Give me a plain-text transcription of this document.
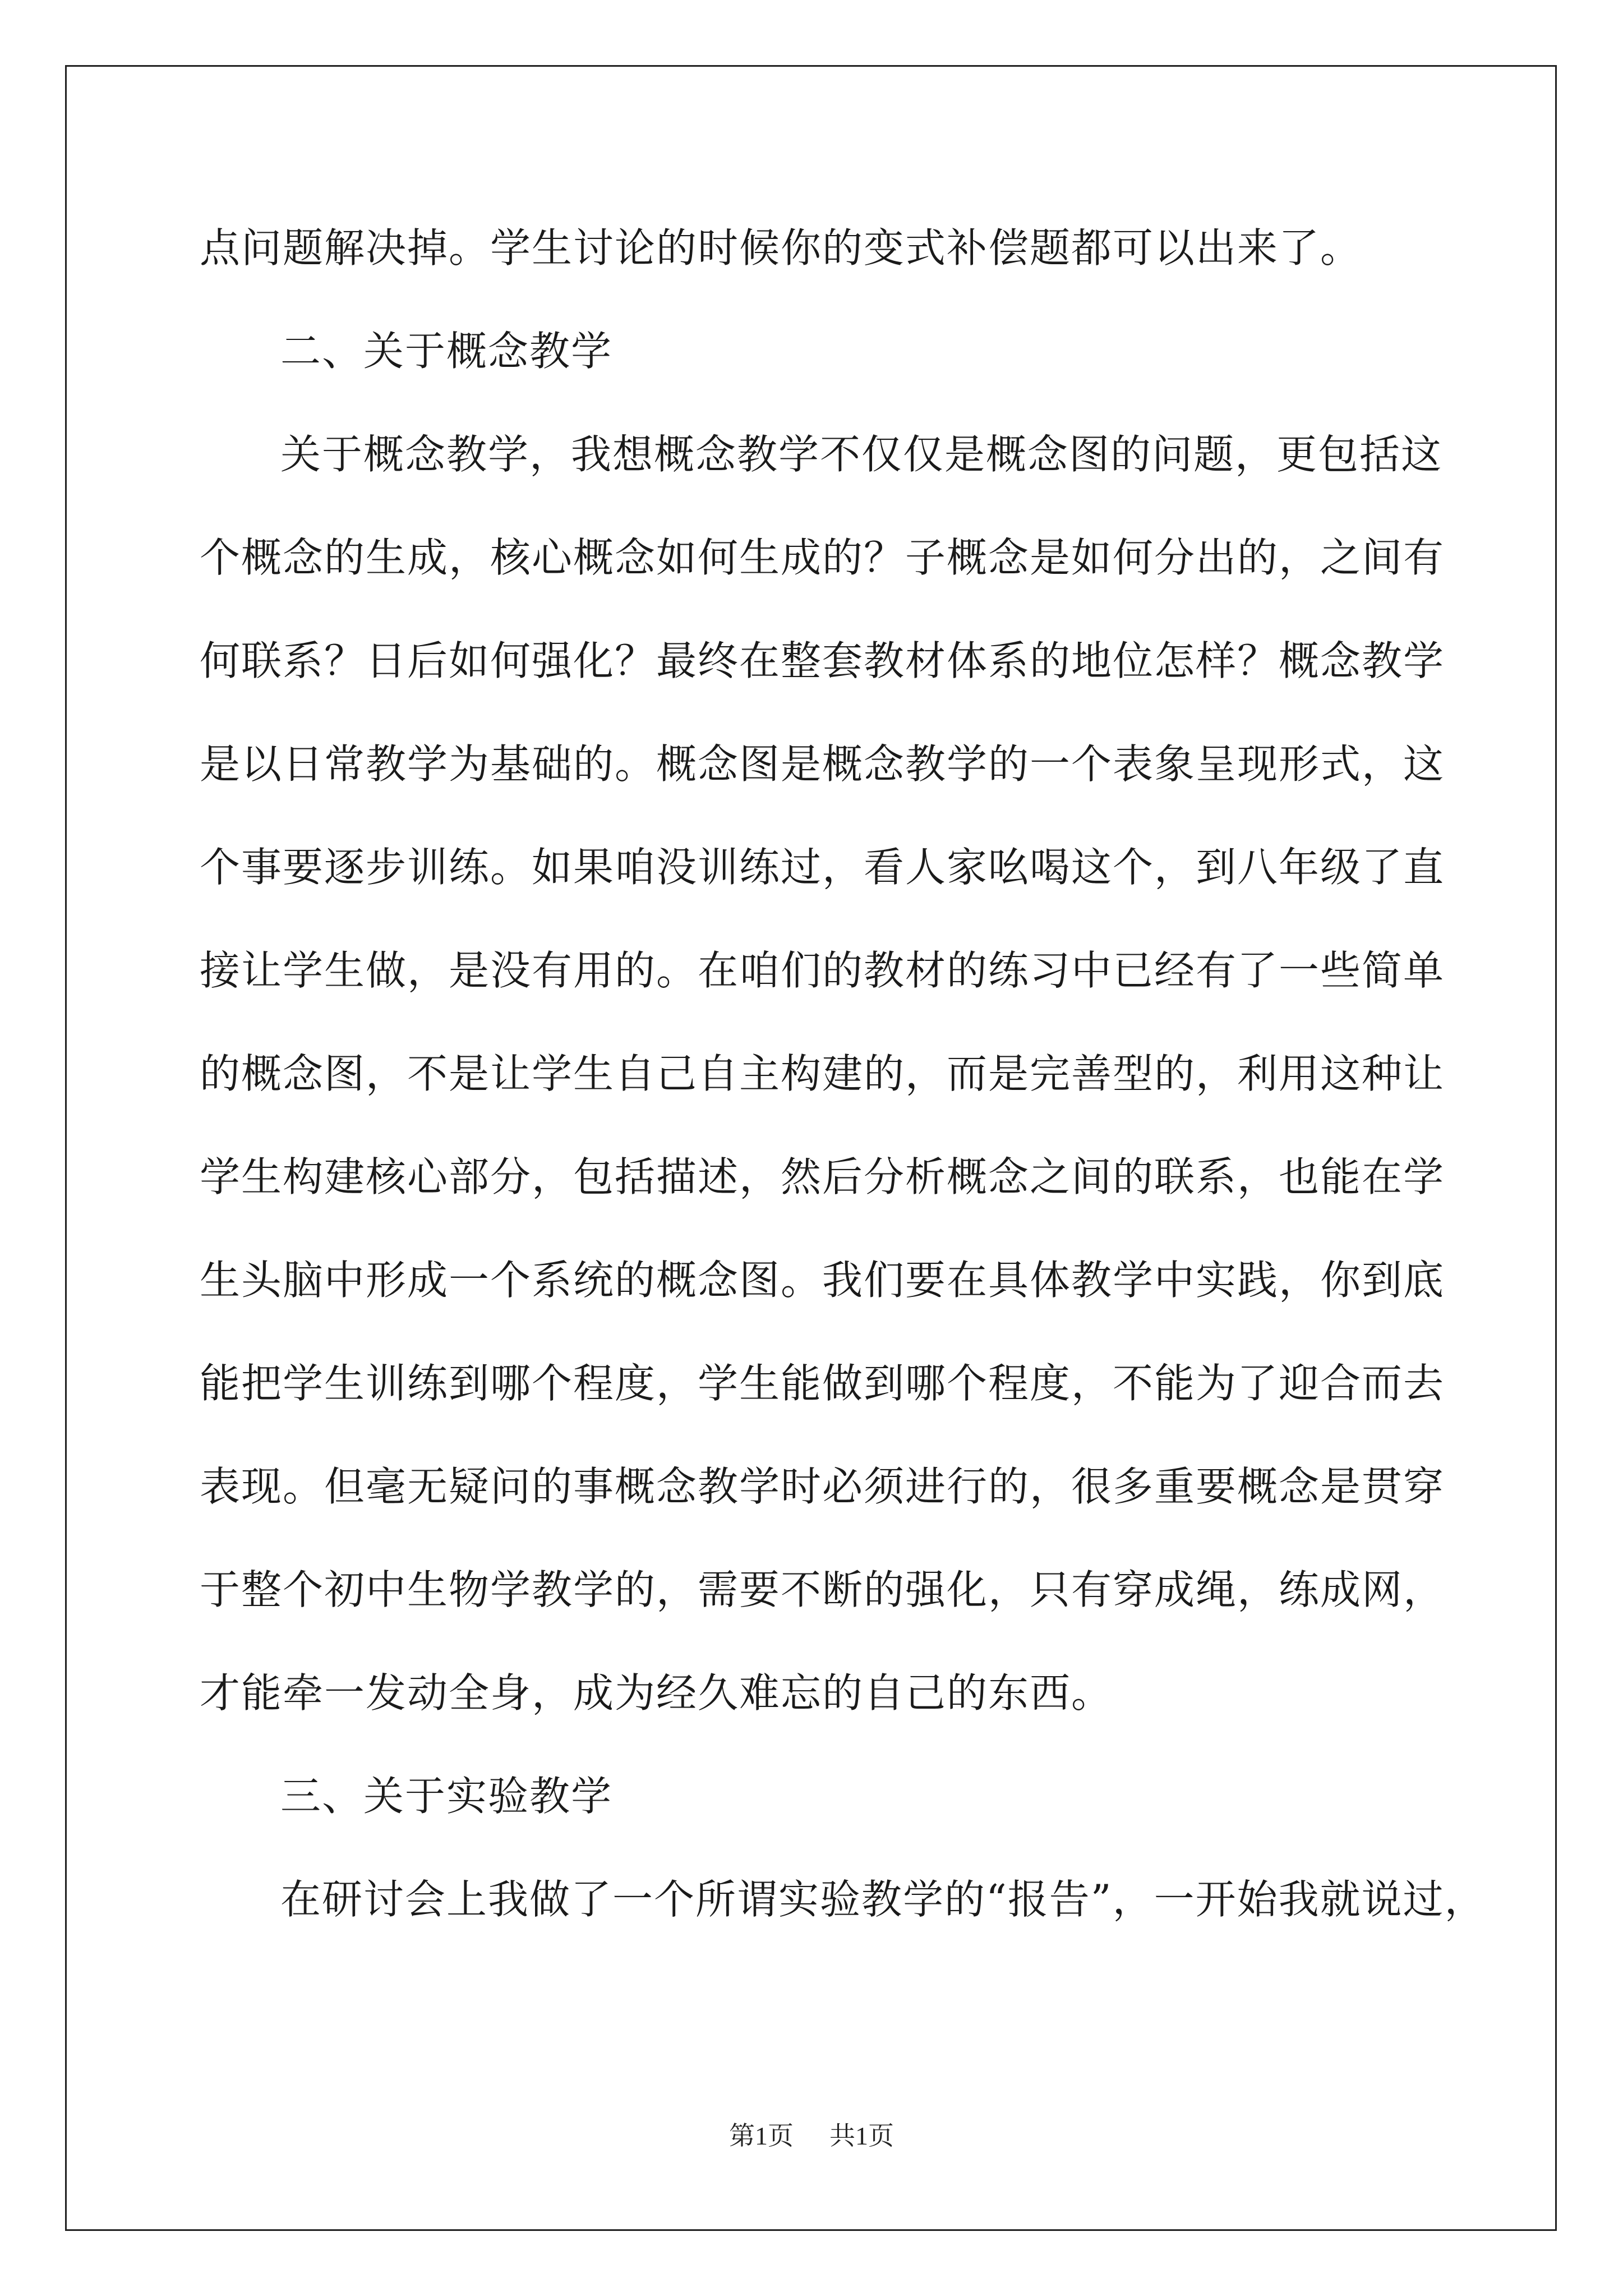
点问题解决掉。学生讨论的时候你的变式补偿题都可以出来了。
二、关于概念教学
关于概念教学，我想概念教学不仅仅是概念图的问题，更包括这
个概念的生成，核心概念如何生成的？子概念是如何分出的，之间有
何联系？日后如何强化？最终在整套教材体系的地位怎样？概念教学
是以日常教学为基础的。概念图是概念教学的一个表象呈现形式，这
个事要逐步训练。如果咱没训练过，看人家吆喝这个，到八年级了直
接让学生做，是没有用的。在咱们的教材的练习中已经有了一些简单
的概念图，不是让学生自己自主构建的，而是完善型的，利用这种让
学生构建核心部分，包括描述，然后分析概念之间的联系，也能在学
生头脑中形成一个系统的概念图。我们要在具体教学中实践，你到底
能把学生训练到哪个程度，学生能做到哪个程度，不能为了迎合而去
表现。但毫无疑问的事概念教学时必须进行的，很多重要概念是贯穿
于整个初中生物学教学的，需要不断的强化，只有穿成绳，练成网，
才能牵一发动全身，成为经久难忘的自己的东西。
三、关于实验教学
在研讨会上我做了一个所谓实验教学的“报告”，一开始我就说过，
第1页 共1页
